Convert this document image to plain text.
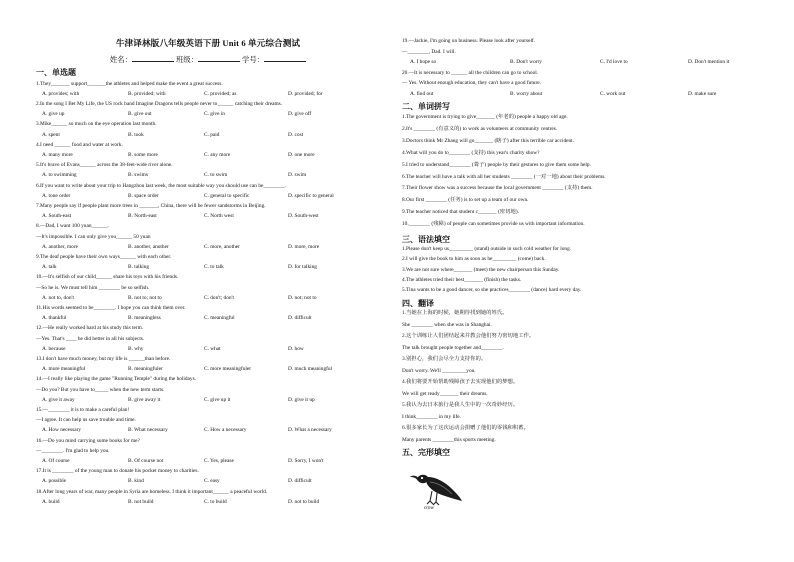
牛津译林版八年级英语下册 Unit 6 单元综合测试
姓名：	班级：	学号：
一、单选题
1.They_______ support_______the athletes and helped make the event a great success.
A. provides; with	B. provided; with	C. provided; as	D. provided; for
2.In the song I Bet My Life, the US rock band Imagine Dragons tells people never to______ catching their dreams.
A. give up	B. give out	C. give in	D. give off
3.Mike______ so much on the eye operation last month.
A. spent	B. took	C. paid	D. cost
4.I need ______ food and water at work.
A. many more	B. some more	C. any more	D. one more
5.It's brave of Evans______ across the 38-feet-wide river alone.
A. to swimming	B. swims	C. to swim	D. swim
6.If you want to write about your trip to Hangzhou last week, the most suitable way you should use can be________.
A. tone order	B. space order	C. general to specific	D. specific to general
7.Many people say if people plant more trees in _______, China, there will be fewer sandstorms in Beijing.
A. South-east	B. North-east	C. North west	D. South-west
8.—Dad, I want 100 yuan______.
—It's impossible. I can only give you______ 50 yuan
A. another, more	B. another, another	C. more, another	D. more, more
9.The deaf people have their own ways______ with each other.
A. talk	B. talking	C. to talk	D. for talking
10.—It's selfish of our child______ share his toys with his friends.
—So he is. We must tell him ________ be so selfish.
A. not to, don't	B. not to; not to	C. don't; don't	D. not; not to
11.His words seemed to be________. I hope you can think them over.
A. thankful	B. meaningless	C. meaningful	D. difficult
12.—He really worked hard at his study this term.
—Yes. That's ____ he did better in all his subjects.
A. because	B. why	C. what	D. how
13.I don't have much money, but my life is ______than before.
A. more meaningful	B. meaningfuler	C. more meaningfuler	D. much meaningful
14.—I really like playing the game "Running Temple" during the holidays.
—Do you? But you have to_____ when the new term starts.
A. give it away	B. give away it	C. give up it	D. give it up
15.—________ it is to make a careful plan!
—I agree. It can help us save trouble and time.
A. How necessary	B. What necessary	C. How a necessary	D. What a necessary
16.—Do you mind carrying some books for me?
—________. I'm glad to help you.
A. Of course	B. Of course not	C. Yes, please	D. Sorry, I won't
17.It is ________ of the young man to donate his pocket money to charities.
A. possible	B. kind	C. easy	D. difficult
18.After long years of war, many people in Syria are homeless. I think it important______ a peaceful world.
A. build	B. not build	C. to build	D. not to build
二、单词拼写
三、语法填空
四、翻译
五、完形填空
19.—Jackie, I'm going on business. Please look after yourself.
—________, Dad. I will.
A. I hope so	B. Don't worry	C. I'd love to	D. Don't mention it
20.—It is necessary to ______ all the children can go to school.
— Yes. Without enough education, they can't have a good future.
A. find out	B. worry about	C. work out	D. make sure
1.The government is trying to give_______ (年老的) people a happy old age.
2.It's ________ (有意义的) to work as volunteers at community centres.
3.Doctors think Mr Zhang will go_______ (瞎子) after this terrible car accident.
4.What will you do to________ (支持) this year's charity show?
5.I tried to understand________ (聋子) people by their gestures to give them some help.
6.The teacher will have a talk with all her students ________ (一对一地) about their problems.
7.Their flower show was a success because the local government ________ (支持) them.
8.Our first ________ (任务) is to set up a team of our own.
9.The teacher noticed that student c_______ (密切地).
10.________ (残障) of people can sometimes provide us with important information.
1.Please don't keep us_________ (stand) outside in such cold weather for long.
2.I will give the book to him as soon as he_________ (come) back.
3.We are not sure where_______ (meet) the new chairperson this Sunday.
4.The athletes tried their best_______ (finish) the tasks.
5.Tina wants to be a good dancer, so she practices________ (dance) hard every day.
1.当她在上海的时候，她期待找到她的姓氏。
She ________ when she was in Shanghai.
2.这个训练让人们团结起来并教会他们努力密切地工作。
The talk brought people together and________.
3.别担心，我们会尽全力支持你的。
Don't worry. We'll _________you.
4.我们将要开始帮助残障孩子去实现他们的梦想。
We will get ready_______ their dreams.
5.我认为去日本旅行是我人生中的一次奇妙经历。
I think________ in my life.
6.很多家长为了这次运动会捐赠了他们的零钱和积蓄。
Many parents ________this sports meeting.
crow
